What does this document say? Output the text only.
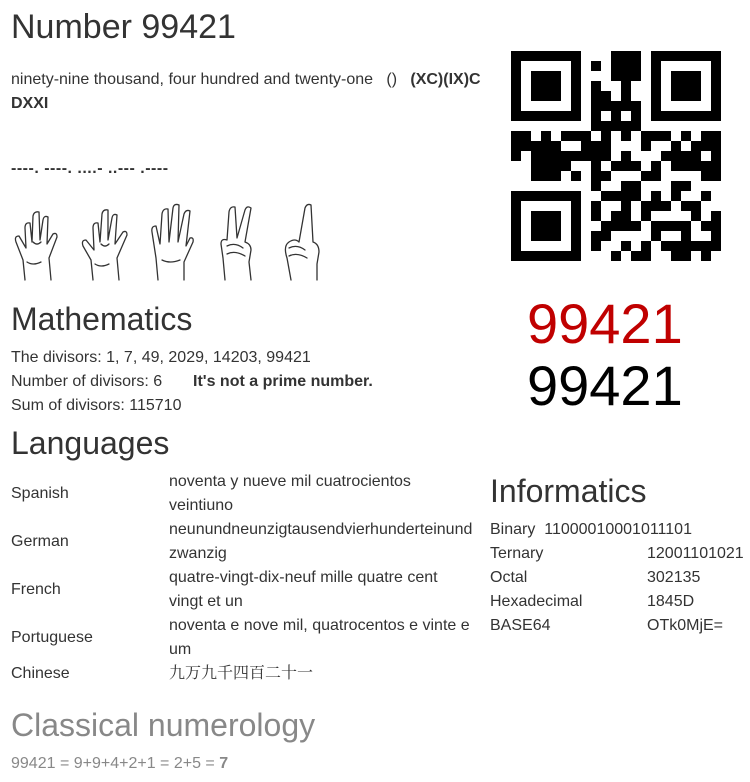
Number 99421
ninety-nine thousand, four hundred and twenty-one () (XC)(IX)CDXXI
----. ----. ....- ..--- .----
99421
99421
Mathematics
The divisors: 1, 7, 49, 2029, 14203, 99421
Number of divisors: 6 It's not a prime number.
Sum of divisors: 115710
Languages
Spanish	noventa y nueve mil cuatrocientos veintiuno
German	neunundneunzigtausendvierhunderteinundzwanzig
French	quatre-vingt-dix-neuf mille quatre cent vingt et un
Portuguese	noventa e nove mil, quatrocentos e vinte e um
Chinese	九万九千四百二十一
Informatics
Binary 11000010001011101
Ternary	12001101021
Octal	302135
Hexadecimal	1845D
BASE64	OTk0MjE=
Classical numerology
99421 = 9+9+4+2+1 = 2+5 = 7
